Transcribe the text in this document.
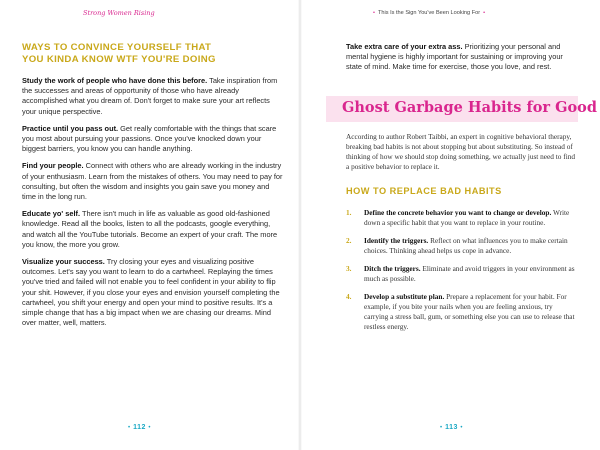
Strong Women Rising
WAYS TO CONVINCE YOURSELF THAT
YOU KINDA KNOW WTF YOU'RE DOING

Study the work of people who have done this before. Take inspiration from the successes and areas of opportunity of those who have already accomplished what you dream of. Don't forget to make sure your art reflects your unique perspective.

Practice until you pass out. Get really comfortable with the things that scare you most about pursuing your passions. Once you've knocked down your biggest barriers, you know you can handle anything.

Find your people. Connect with others who are already working in the industry of your enthusiasm. Learn from the mistakes of others. You may need to pay for consulting, but often the wisdom and insights you gain save you money and time in the long run.

Educate yo' self. There isn't much in life as valuable as good old-fashioned knowledge. Read all the books, listen to all the podcasts, google everything, and watch all the YouTube tutorials. Become an expert of your craft. The more you know, the more you grow.

Visualize your success. Try closing your eyes and visualizing positive outcomes. Let's say you want to learn to do a cartwheel. Replaying the times you've tried and failed will not enable you to feel confident in your ability to flip your shit. However, if you close your eyes and envision yourself completing the cartwheel, you shift your energy and open your mind to positive results. It's a simple change that has a big impact when we are chasing our dreams. Mind over matter, well, matters.

• 112 •
• This Is the Sign You've Been Looking For •
Take extra care of your extra ass. Prioritizing your personal and mental hygiene is highly important for sustaining or improving your state of mind. Make time for exercise, those you love, and rest.
Ghost Garbage Habits for Good
According to author Robert Taibbi, an expert in cognitive behavioral therapy, breaking bad habits is not about stopping but about substituting. So instead of thinking of how we should stop doing something, we actually just need to find a positive behavior to replace it.
HOW TO REPLACE BAD HABITS
1. Define the concrete behavior you want to change or develop. Write down a specific habit that you want to replace in your routine.
2. Identify the triggers. Reflect on what influences you to make certain choices. Thinking ahead helps us cope in advance.
3. Ditch the triggers. Eliminate and avoid triggers in your environment as much as possible.
4. Develop a substitute plan. Prepare a replacement for your habit. For example, if you bite your nails when you are feeling anxious, try carrying a stress ball, gum, or something else you can use to release that restless energy.
• 113 •
